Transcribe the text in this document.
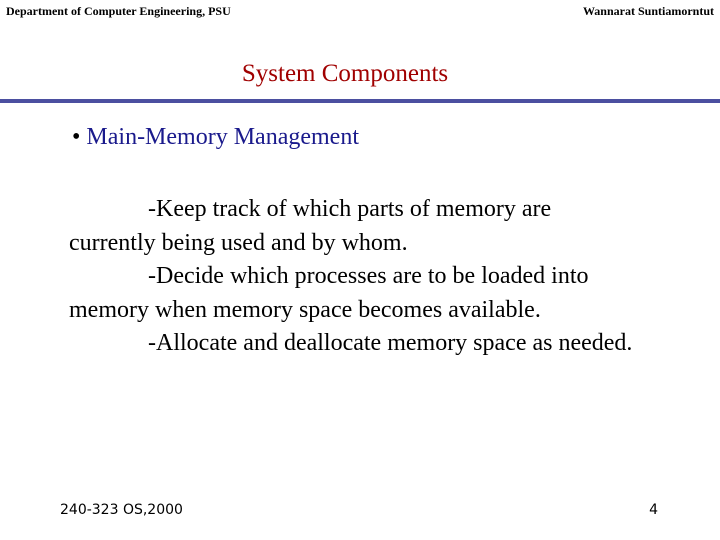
Department of Computer Engineering, PSU	Wannarat Suntiamorntut
System Components
• Main-Memory Management
-Keep track of which parts of memory are
currently being used and by whom.
-Decide which processes are to be loaded into
memory when memory space becomes available.
-Allocate and deallocate memory space as needed.
240-323 OS,2000	4
